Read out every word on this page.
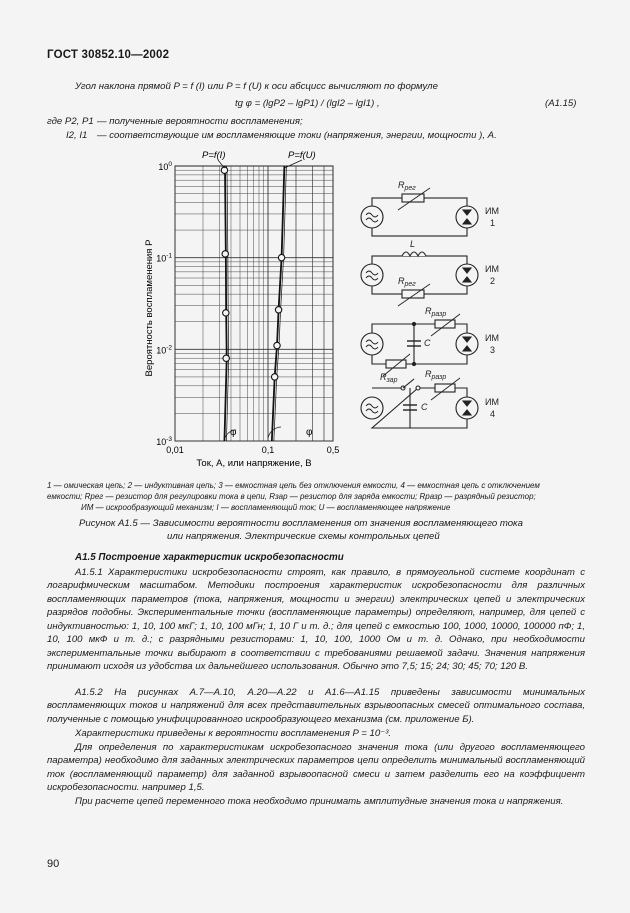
ГОСТ 30852.10—2002
Угол наклона прямой P = f (I) или P = f (U) к оси абсцисс вычисляют по формуле
tg φ = (lgP2 – lgP1) / (lgI2 – lgI1) ,	(A1.15)
где P2, P1 — полученные вероятности воспламенения;
I2, I1 — соответствующие им воспламеняющие токи (напряжения, энергии, мощности ), А.
0,01	0,1	0,5
$10^0$
$10^{-1}$
$10^{-2}$
$10^{-3}$
Вероятность воспламенения P
Ток, А, или напряжение, В
P=f(I)	P=f(U)
φ	φ
$R_{рег}$
ИМ
1
L
$R_{рег}$
ИМ
2
$R_{разр}$
C
$R_{зар}$
ИМ
3
$R_{разр}$
C	ИМ
4
1 — омическая цепь; 2 — индуктивная цепь; 3 — емкостная цепь без отключения емкости, 4 — емкостная цепь с отключением
емкости; Rрег — резистор для регулировки тока в цепи, Rзар — резистор для заряда емкости; Rразр — разрядный резистор;
ИМ — искрообразующий механизм; I — воспламеняющий ток; U — воспламеняющее напряжение
Рисунок А1.5 — Зависимости вероятности воспламенения от значения воспламеняющего тока
или напряжения. Электрические схемы контрольных цепей
А1.5 Построение характеристик искробезопасности
А1.5.1 Характеристики искробезопасности строят, как правило, в прямоугольной системе координат с логарифмическим масштабом. Методики построения характеристик искробезопасности для различных воспламеняющих параметров (тока, напряжения, мощности и энергии) электрических цепей и электрических разрядов подобны. Экспериментальные точки (воспламеняющие параметры) определяют, например, для цепей с индуктивностью: 1, 10, 100 мкГ; 1, 10, 100 мГн; 1, 10 Г и т. д.; для цепей с емкостью 100, 1000, 10000, 100000 пФ; 1, 10, 100 мкФ и т. д.; с разрядными резисторами: 1, 10, 100, 1000 Ом и т. д. Однако, при необходимости экспериментальные точки выбирают в соответствии с требованиями решаемой задачи. Значения напряжения принимают исходя из удобства их дальнейшего использования. Обычно это 7,5; 15; 24; 30; 45; 70; 120 В.
А1.5.2 На рисунках А.7—А.10, А.20—А.22 и А1.6—А1.15 приведены зависимости минимальных воспламеняющих токов и напряжений для всех представительных взрывоопасных смесей оптимального состава, полученные с помощью унифицированного искрообразующего механизма (см. приложение Б).
Характеристики приведены к вероятности воспламенения P = 10⁻³.
Для определения по характеристикам искробезопасного значения тока (или другого воспламеняющего параметра) необходимо для заданных электрических параметров цепи определить минимальный воспламеняющий ток (воспламеняющий параметр) для заданной взрывоопасной смеси и затем разделить его на коэффициент искробезопасности. например 1,5.
При расчете цепей переменного тока необходимо принимать амплитудные значения тока и напряжения.
90
